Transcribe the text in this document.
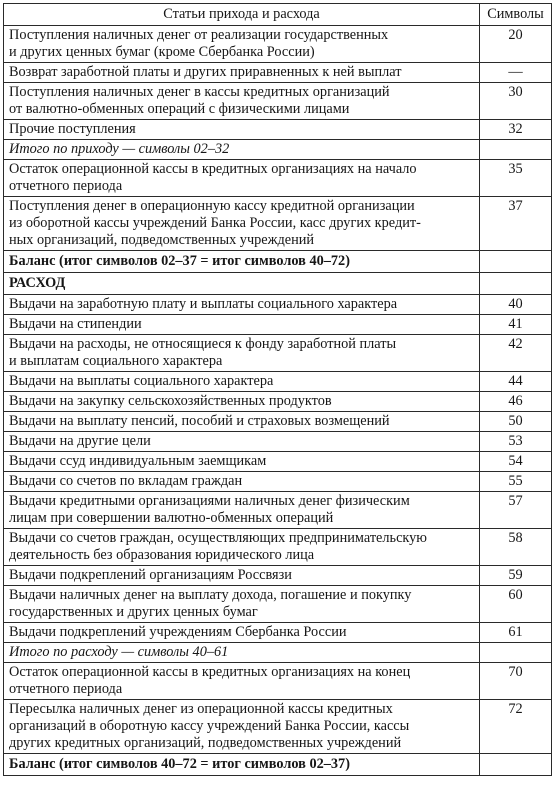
Статьи прихода и расхода	Символы
Поступления наличных денег от реализации государственных
и других ценных бумаг (кроме Сбербанка России)	20
Возврат заработной платы и других приравненных к ней выплат	—
Поступления наличных денег в кассы кредитных организаций
от валютно-обменных операций с физическими лицами	30
Прочие поступления	32
Итого по приходу — символы 02–32	
Остаток операционной кассы в кредитных организациях на начало
отчетного периода	35
Поступления денег в операционную кассу кредитной организации
из оборотной кассы учреждений Банка России, касс других кредит-
ных организаций, подведомственных учреждений	37
Баланс (итог символов 02–37 = итог символов 40–72)	
РАСХОД	
Выдачи на заработную плату и выплаты социального характера	40
Выдачи на стипендии	41
Выдачи на расходы, не относящиеся к фонду заработной платы
и выплатам социального характера	42
Выдачи на выплаты социального характера	44
Выдачи на закупку сельскохозяйственных продуктов	46
Выдачи на выплату пенсий, пособий и страховых возмещений	50
Выдачи на другие цели	53
Выдачи ссуд индивидуальным заемщикам	54
Выдачи со счетов по вкладам граждан	55
Выдачи кредитными организациями наличных денег физическим
лицам при совершении валютно-обменных операций	57
Выдачи со счетов граждан, осуществляющих предпринимательскую
деятельность без образования юридического лица	58
Выдачи подкреплений организациям Россвязи	59
Выдачи наличных денег на выплату дохода, погашение и покупку
государственных и других ценных бумаг	60
Выдачи подкреплений учреждениям Сбербанка России	61
Итого по расходу — символы 40–61	
Остаток операционной кассы в кредитных организациях на конец
отчетного периода	70
Пересылка наличных денег из операционной кассы кредитных
организаций в оборотную кассу учреждений Банка России, кассы
других кредитных организаций, подведомственных учреждений	72
Баланс (итог символов 40–72 = итог символов 02–37)	
